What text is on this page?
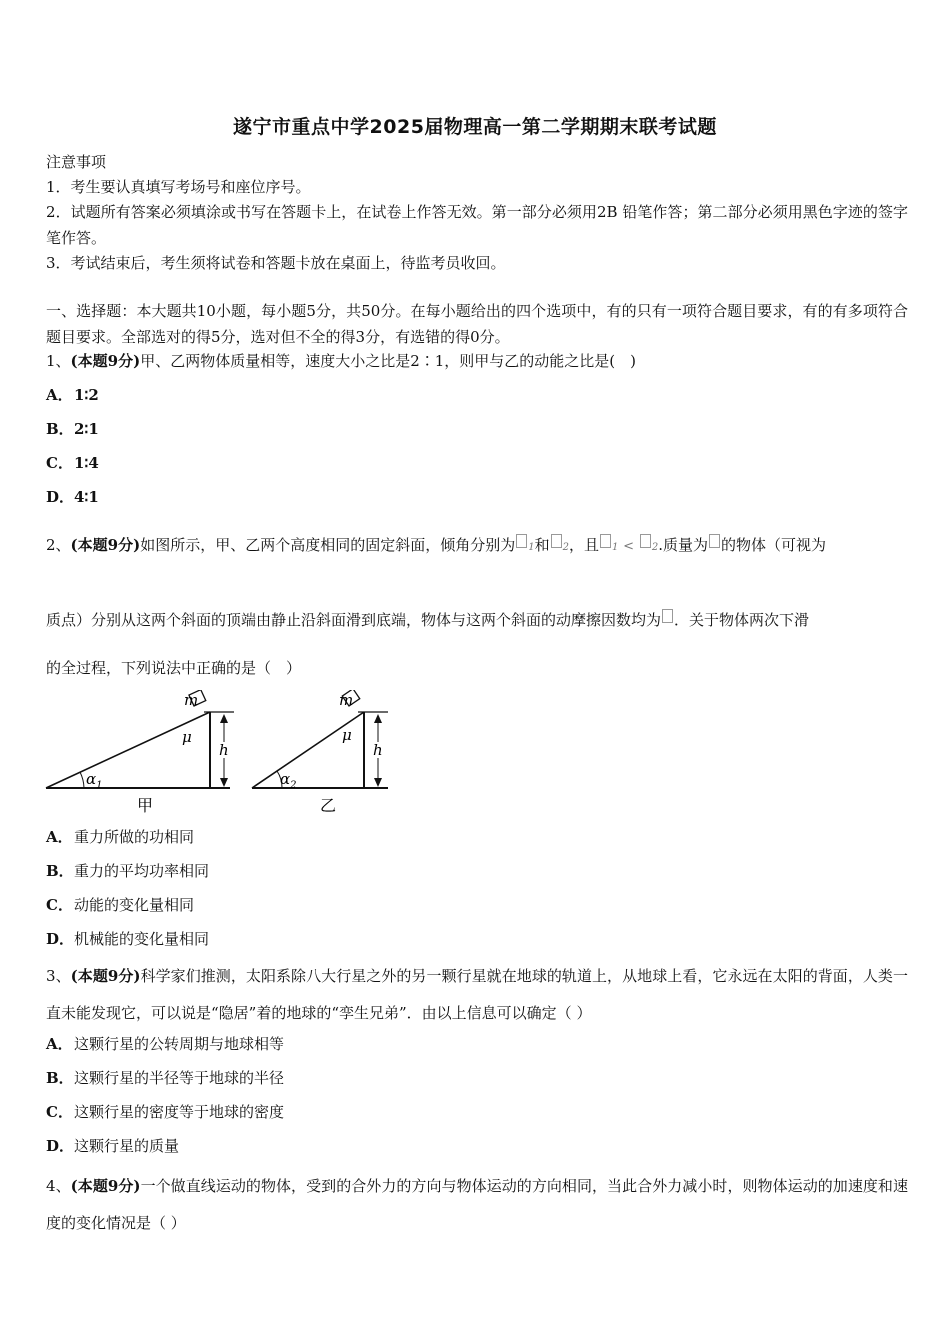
遂宁市重点中学2025届物理高一第二学期期末联考试题
注意事项
1．考生要认真填写考场号和座位序号。
2．试题所有答案必须填涂或书写在答题卡上，在试卷上作答无效。第一部分必须用2B 铅笔作答；第二部分必须用黑色字迹的签字笔作答。
3．考试结束后，考生须将试卷和答题卡放在桌面上，待监考员收回。
一、选择题：本大题共10小题，每小题5分，共50分。在每小题给出的四个选项中，有的只有一项符合题目要求，有的有多项符合题目要求。全部选对的得5分，选对但不全的得3分，有选错的得0分。
1、(本题9分)甲、乙两物体质量相等，速度大小之比是2∶1，则甲与乙的动能之比是(　)
A．1∶2
B．2∶1
C．1∶4
D．4∶1
2、(本题9分)如图所示，甲、乙两个高度相同的固定斜面，倾角分别为 1和 2，且 1 < 2.质量为 的物体（可视为
质点）分别从这两个斜面的顶端由静止沿斜面滑到底端，物体与这两个斜面的动摩擦因数均为 ．关于物体两次下滑
的全过程，下列说法中正确的是（　）
$\alpha_1$
m
μ
h
甲
$\alpha_2$
m
μ
h
乙
A．重力所做的功相同
B．重力的平均功率相同
C．动能的变化量相同
D．机械能的变化量相同
3、(本题9分)科学家们推测，太阳系除八大行星之外的另一颗行星就在地球的轨道上，从地球上看，它永远在太阳的背面，人类一直未能发现它，可以说是“隐居”着的地球的“孪生兄弟”．由以上信息可以确定（ ）
A．这颗行星的公转周期与地球相等
B．这颗行星的半径等于地球的半径
C．这颗行星的密度等于地球的密度
D．这颗行星的质量
4、(本题9分)一个做直线运动的物体，受到的合外力的方向与物体运动的方向相同，当此合外力减小时，则物体运动的加速度和速度的变化情况是（ ）
